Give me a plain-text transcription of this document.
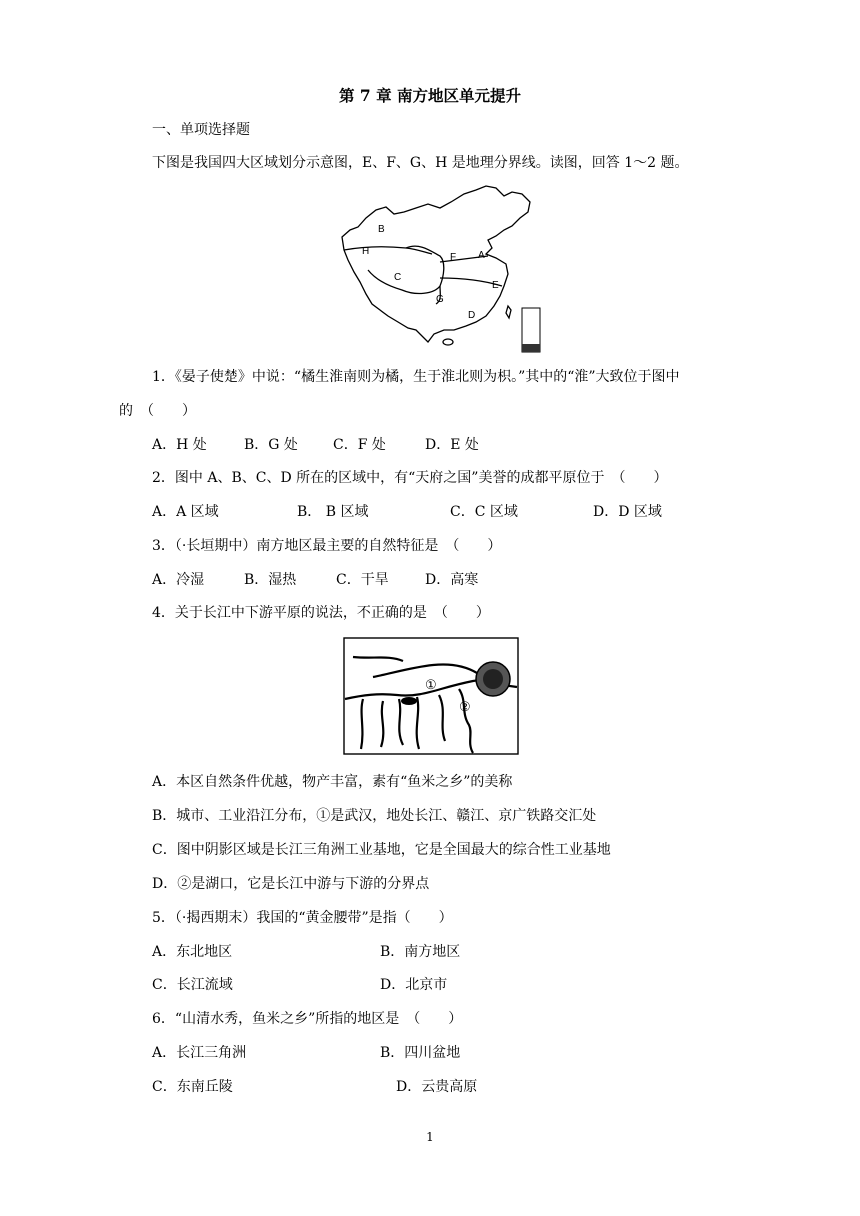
第 7 章 南方地区单元提升
一、单项选择题
下图是我国四大区域划分示意图，E、F、G、H 是地理分界线。读图，回答 1～2 题。
B
H
C
F A
E
G
D
1．《晏子使楚》中说：“橘生淮南则为橘，生于淮北则为枳。”其中的“淮”大致位于图中
的　（　　）
A．H 处	B．G 处	C．F 处	D．E 处
2．图中 A、B、C、D 所在的区域中，有“天府之国”美誉的成都平原位于　（　　）
A．A 区域	B． B 区域	C．C 区域	D．D 区域
3．（·长垣期中）南方地区最主要的自然特征是　（　　）
A．冷湿	B．湿热	C．干旱	D．高寒
4．关于长江中下游平原的说法，不正确的是　（　　）
①
②
A．本区自然条件优越，物产丰富，素有“鱼米之乡”的美称
B．城市、工业沿江分布，①是武汉，地处长江、赣江、京广铁路交汇处
C．图中阴影区域是长江三角洲工业基地，它是全国最大的综合性工业基地
D．②是湖口，它是长江中游与下游的分界点
5．（·揭西期末）我国的“黄金腰带”是指（　　）
A．东北地区	B．南方地区
C．长江流域	D．北京市
6．“山清水秀，鱼米之乡”所指的地区是　（　　）
A．长江三角洲	B．四川盆地
C．东南丘陵	D．云贵高原
1
